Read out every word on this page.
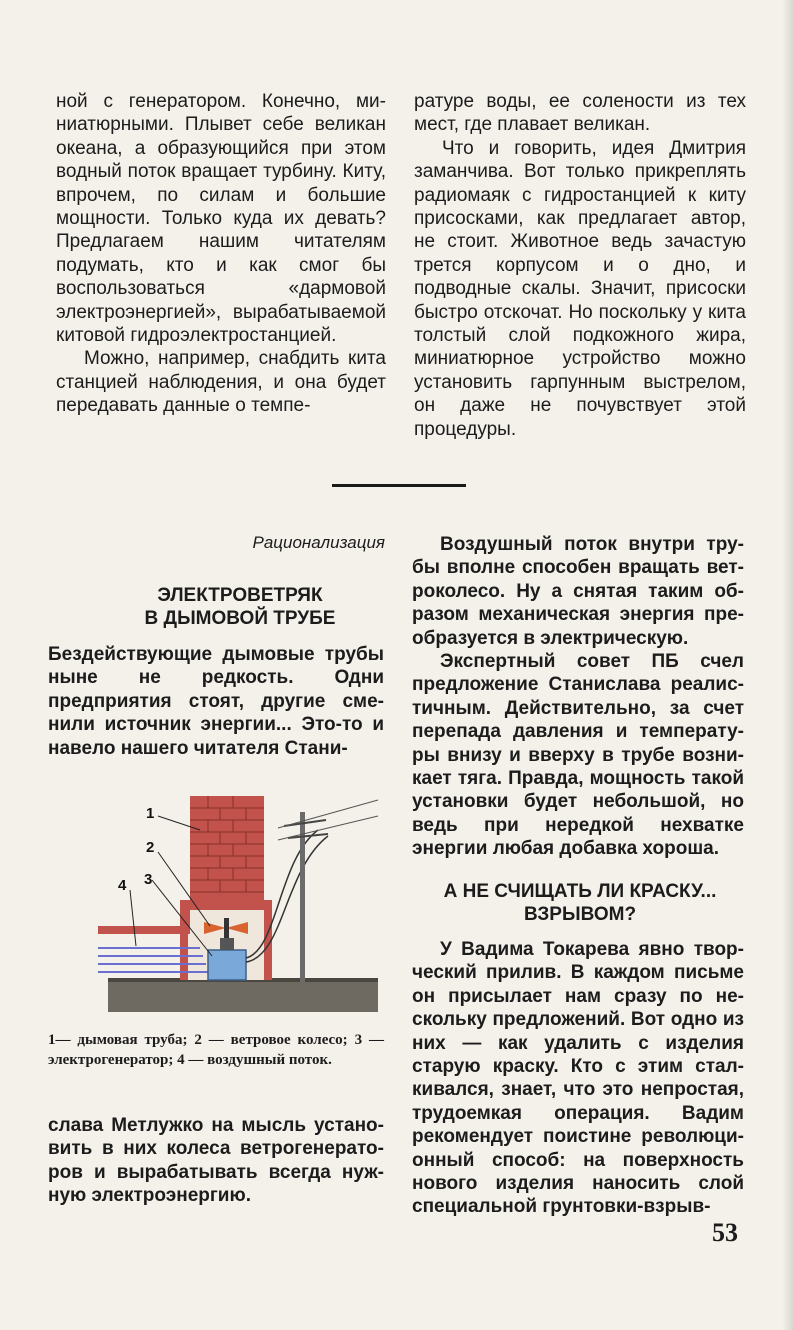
ной с генератором. Конечно, миниатюрными. Плывет себе великан океана, а образующийся при этом водный поток вращает турбину. Киту, впрочем, по силам и большие мощности. Только куда их девать? Предлагаем нашим читателям подумать, кто и как смог бы воспользоваться «дармовой электроэнергией», вырабатываемой китовой гидроэлектростанцией.

Можно, например, снабдить кита станцией наблюдения, и она будет передавать данные о темпе-

ратуре воды, ее солености из тех мест, где плавает великан.

Что и говорить, идея Дмитрия заманчива. Вот только прикреплять радиомаяк с гидростанцией к киту присосками, как предлагает автор, не стоит. Животное ведь зачастую трется корпусом и о дно, и подводные скалы. Значит, присоски быстро отскочат. Но поскольку у кита толстый слой подкожного жира, миниатюрное устройство можно установить гарпунным выстрелом, он даже не почувствует этой процедуры.

Рационализация
ЭЛЕКТРОВЕТРЯК
В ДЫМОВОЙ ТРУБЕ

Бездействующие дымовые трубы ныне не редкость. Одни предприятия стоят, другие сменили источник энергии... Это-то и навело нашего читателя Стани-

1
2
3
4
1— дымовая труба; 2 — ветровое колесо; 3 — электрогенератор; 4 — воздушный поток.

слава Метлужко на мысль установить в них колеса ветрогенераторов и вырабатывать всегда нужную электроэнергию.

Воздушный поток внутри трубы вполне способен вращать ветроколесо. Ну а снятая таким образом механическая энергия преобразуется в электрическую.

Экспертный совет ПБ счел предложение Станислава реалистичным. Действительно, за счет перепада давления и температуры внизу и вверху в трубе возникает тяга. Правда, мощность такой установки будет небольшой, но ведь при нередкой нехватке энергии любая добавка хороша.

А НЕ СЧИЩАТЬ ЛИ КРАСКУ...
ВЗРЫВОМ?

У Вадима Токарева явно творческий прилив. В каждом письме он присылает нам сразу по нескольку предложений. Вот одно из них — как удалить с изделия старую краску. Кто с этим сталкивался, знает, что это непростая, трудоемкая операция. Вадим рекомендует поистине революционный способ: на поверхность нового изделия наносить слой специальной грунтовки-взрыв-

53
